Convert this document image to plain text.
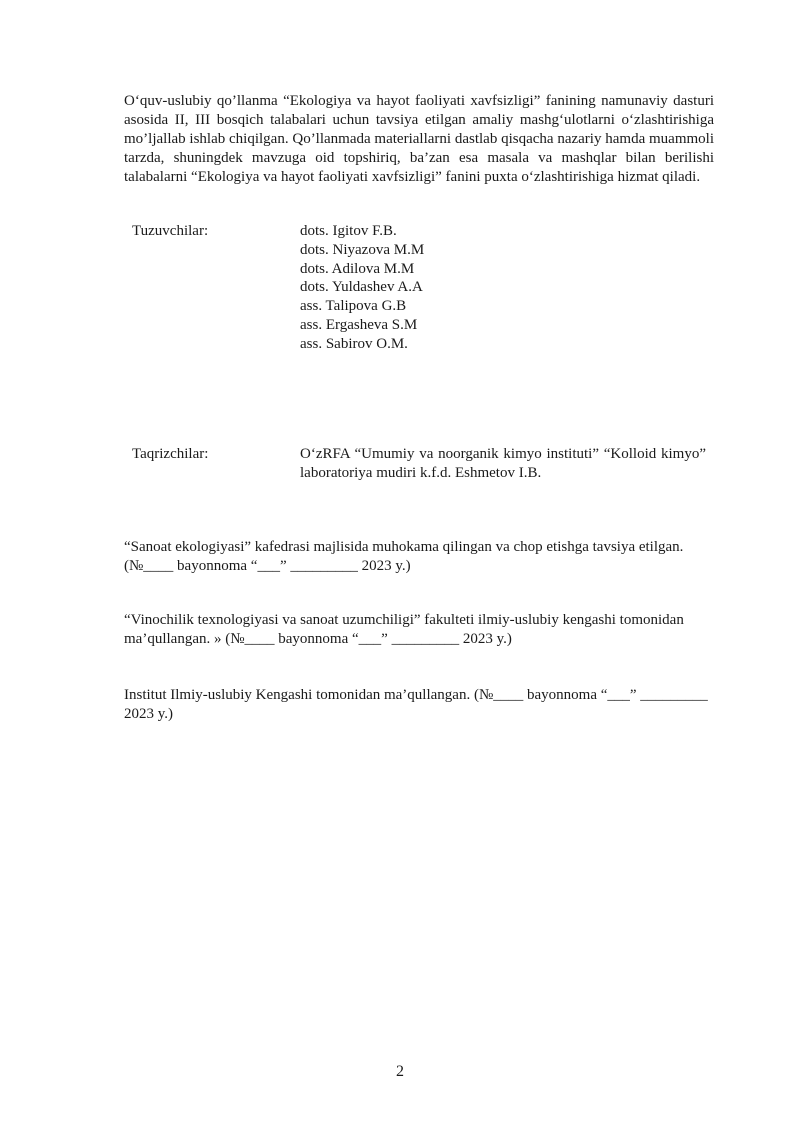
O‘quv-uslubiy qo’llanma “Ekologiya va hayot faoliyati xavfsizligi” fanining namunaviy dasturi asosida II, III bosqich talabalari uchun tavsiya etilgan amaliy mashg‘ulotlarni o‘zlashtirishiga mo’ljallab ishlab chiqilgan. Qo’llanmada materiallarni dastlab qisqacha nazariy hamda muammoli tarzda, shuningdek mavzuga oid topshiriq, ba’zan esa masala va mashqlar bilan berilishi talabalarni “Ekologiya va hayot faoliyati xavfsizligi” fanini puxta o‘zlashtirishiga hizmat qiladi.

Tuzuvchilar:	dots. Igitov F.B.
dots. Niyazova M.M
dots. Adilova M.M
dots. Yuldashev A.A
ass. Talipova G.B
ass. Ergasheva S.M
ass. Sabirov O.M.

Taqrizchilar:	O‘zRFA “Umumiy va noorganik kimyo instituti” “Kolloid kimyo” laboratoriya mudiri k.f.d. Eshmetov I.B.

“Sanoat ekologiyasi” kafedrasi majlisida muhokama qilingan va chop etishga tavsiya etilgan. (№____ bayonnoma “___” _________ 2023 y.)

“Vinochilik texnologiyasi va sanoat uzumchiligi” fakulteti ilmiy-uslubiy kengashi tomonidan ma’qullangan. » (№____ bayonnoma “___” _________ 2023 y.)

Institut Ilmiy-uslubiy Kengashi tomonidan ma’qullangan. (№____ bayonnoma “___” _________ 2023 y.)

2
